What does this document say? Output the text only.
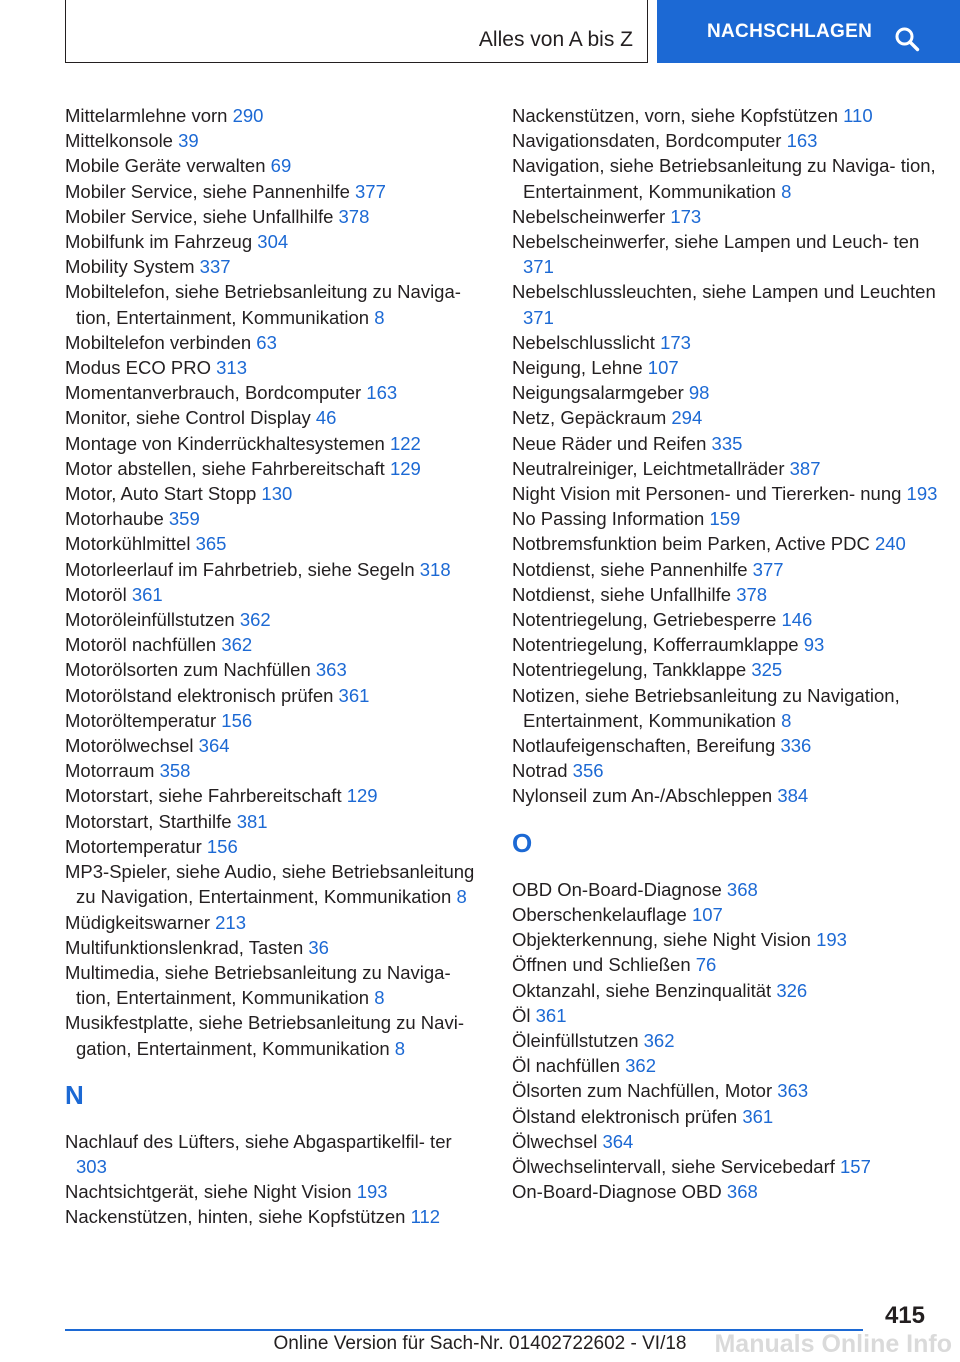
Alles von A bis Z	NACHSCHLAGEN
Mittelarmlehne vorn 290
Mittelkonsole 39
Mobile Geräte verwalten 69
Mobiler Service, siehe Pannenhilfe 377
Mobiler Service, siehe Unfallhilfe 378
Mobilfunk im Fahrzeug 304
Mobility System 337
Mobiltelefon, siehe Betriebsanleitung zu Naviga‐ tion, Entertainment, Kommunikation 8
Mobiltelefon verbinden 63
Modus ECO PRO 313
Momentanverbrauch, Bordcomputer 163
Monitor, siehe Control Display 46
Montage von Kinderrückhaltesystemen 122
Motor abstellen, siehe Fahrbereitschaft 129
Motor, Auto Start Stopp 130
Motorhaube 359
Motorkühlmittel 365
Motorleerlauf im Fahrbetrieb, siehe Segeln 318
Motoröl 361
Motoröleinfüllstutzen 362
Motoröl nachfüllen 362
Motorölsorten zum Nachfüllen 363
Motorölstand elektronisch prüfen 361
Motoröltemperatur 156
Motorölwechsel 364
Motorraum 358
Motorstart, siehe Fahrbereitschaft 129
Motorstart, Starthilfe 381
Motortemperatur 156
MP3-Spieler, siehe Audio, siehe Betriebsanleitung zu Navigation, Entertainment, Kommunikation 8
Müdigkeitswarner 213
Multifunktionslenkrad, Tasten 36
Multimedia, siehe Betriebsanleitung zu Naviga‐ tion, Entertainment, Kommunikation 8
Musikfestplatte, siehe Betriebsanleitung zu Navi‐ gation, Entertainment, Kommunikation 8
N
Nachlauf des Lüfters, siehe Abgaspartikelfil‐ ter 303
Nachtsichtgerät, siehe Night Vision 193
Nackenstützen, hinten, siehe Kopfstützen 112
Nackenstützen, vorn, siehe Kopfstützen 110
Navigationsdaten, Bordcomputer 163
Navigation, siehe Betriebsanleitung zu Naviga‐ tion, Entertainment, Kommunikation 8
Nebelscheinwerfer 173
Nebelscheinwerfer, siehe Lampen und Leuch‐ ten 371
Nebelschlussleuchten, siehe Lampen und Leuchten 371
Nebelschlusslicht 173
Neigung, Lehne 107
Neigungsalarmgeber 98
Netz, Gepäckraum 294
Neue Räder und Reifen 335
Neutralreiniger, Leichtmetallräder 387
Night Vision mit Personen- und Tiererken‐ nung 193
No Passing Information 159
Notbremsfunktion beim Parken, Active PDC 240
Notdienst, siehe Pannenhilfe 377
Notdienst, siehe Unfallhilfe 378
Notentriegelung, Getriebesperre 146
Notentriegelung, Kofferraumklappe 93
Notentriegelung, Tankklappe 325
Notizen, siehe Betriebsanleitung zu Navigation, Entertainment, Kommunikation 8
Notlaufeigenschaften, Bereifung 336
Notrad 356
Nylonseil zum An-/Abschleppen 384
O
OBD On-Board-Diagnose 368
Oberschenkelauflage 107
Objekterkennung, siehe Night Vision 193
Öffnen und Schließen 76
Oktanzahl, siehe Benzinqualität 326
Öl 361
Öleinfüllstutzen 362
Öl nachfüllen 362
Ölsorten zum Nachfüllen, Motor 363
Ölstand elektronisch prüfen 361
Ölwechsel 364
Ölwechselintervall, siehe Servicebedarf 157
On-Board-Diagnose OBD 368
415
Online Version für Sach-Nr. 01402722602 - VI/18	Manuals Online Info
